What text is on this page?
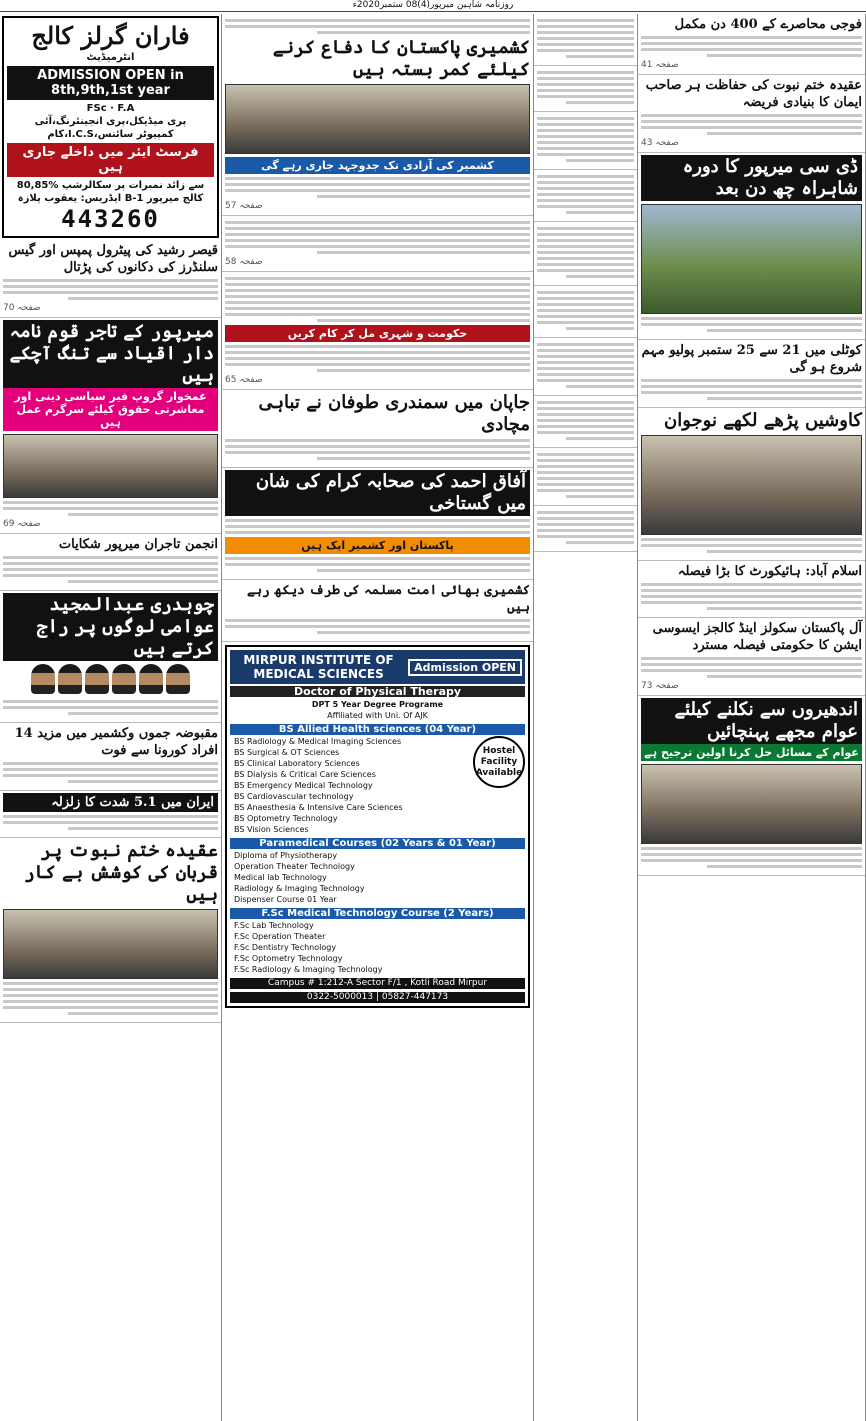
روزنامہ شاہین میرپور(4)08 ستمبر2020ء
فاران گرلز کالج
انٹرمیڈیٹ
ADMISSION OPEN in 8th,9th,1st year
FSc · F.A
پری میڈیکل،پری انجینئرنگ،آئی کام،I.C.S،کمپیوٹر سائنس
فرسٹ ایئر میں داخلے جاری ہیں
80,85% سے زائد نمبرات پر سکالرشپ
ایڈریس: یعقوب پلازہ B-1 کالج میرپور
443260
قیصر رشید کی پیٹرول پمپس اور گیس سلنڈرز کی دکانوں کی پڑتال
صفحہ 70
میرپور کے تاجر قوم نامہ دار اقیاد سے تنگ آچکے ہیں
غمخوار گروپ فیر سیاسی دینی اور معاشرتی حقوق کیلئے سرگرم عمل ہیں
صفحہ 69
انجمن تاجران میرپور شکایات
چوہدری عبدالمجید عوامی لوگوں پر راج کرتے ہیں
مقبوضہ جموں وکشمیر میں مزید 14 افراد کورونا سے فوت
ایران میں 5.1 شدت کا زلزلہ
عقیدہ ختم نبوت پر قربان کی کوشش بے کار ہیں
کشمیری پاکستان کا دفاع کرنے کیلئے کمر بستہ ہیں
کشمیر کی آزادی تک جدوجہد جاری رہے گی
صفحہ 57
صفحہ 58
حکومت و شہری مل کر کام کریں
صفحہ 65
جاپان میں سمندری طوفان نے تباہی مچادی
آفاق احمد کی صحابہ کرام کی شان میں گستاخی
پاکستان اور کشمیر ایک ہیں
کشمیری بھائی امت مسلمہ کی طرف دیکھ رہے ہیں
MIRPUR INSTITUTE OF MEDICAL SCIENCES	Admission OPEN
Doctor of Physical Therapy
DPT 5 Year Degree Programe
Affiliated with Uni. Of AJK
BS Allied Health sciences (04 Year)
Hostel Facility Available
BS Radiology & Medical Imaging Sciences
BS Surgical & OT Sciences
BS Clinical Laboratory Sciences
BS Dialysis & Critical Care Sciences
BS Emergency Medical Technology
BS Cardiovascular technology
BS Anaesthesia & Intensive Care Sciences
BS Optometry Technology
BS Vision Sciences
Paramedical Courses (02 Years & 01 Year)
Diploma of Physiotherapy
Operation Theater Technology
Medical lab Technology
Radiology & Imaging Technology
Dispenser Course 01 Year
F.Sc Medical Technology Course (2 Years)
F.Sc Lab Technology
F.Sc Operation Theater
F.Sc Dentistry Technology
F.Sc Optometry Technology
F.Sc Radiology & Imaging Technology
Campus # 1:212-A Sector F/1 , Kotli Road Mirpur
0322-5000013 | 05827-447173
فوجی محاصرے کے 400 دن مکمل
صفحہ 41
عقیدہ ختم نبوت کی حفاظت ہر صاحب ایمان کا بنیادی فریضہ
صفحہ 43
ڈی سی میرپور کا دورہ شاہراہ چھ دن بعد
کوٹلی میں 21 سے 25 ستمبر پولیو مہم شروع ہو گی
کاوشیں پڑھے لکھے نوجوان
اسلام آباد: ہائیکورٹ کا بڑا فیصلہ
آل پاکستان سکولز اینڈ کالجز ایسوسی ایشن کا حکومتی فیصلہ مسترد
صفحہ 73
اندھیروں سے نکلنے کیلئے عوام مجھے پہنچائیں
عوام کے مسائل حل کرنا اولین ترجیح ہے
